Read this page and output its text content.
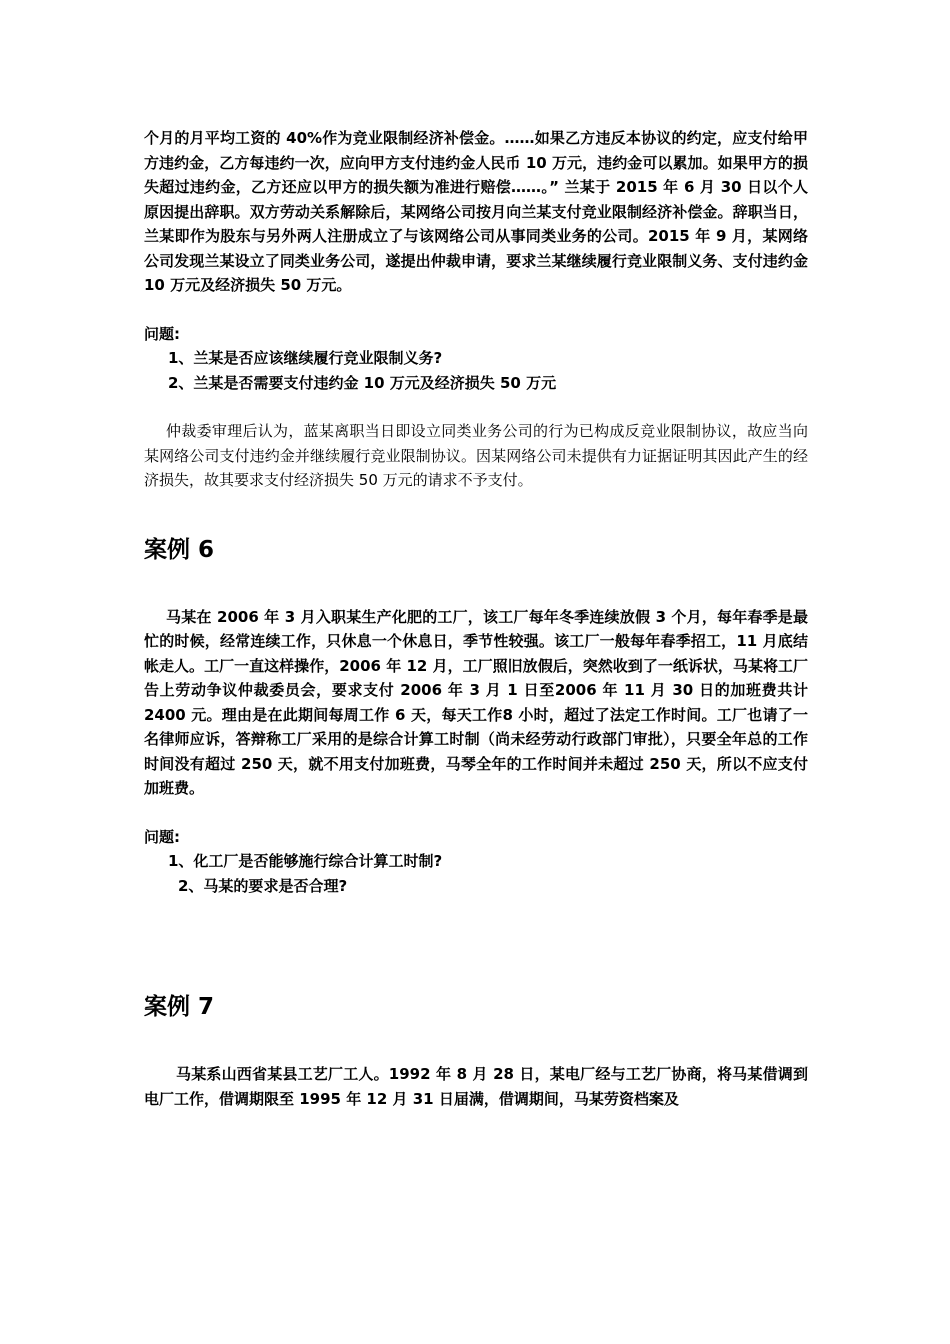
个月的月平均工资的 40%作为竞业限制经济补偿金。……如果乙方违反本协议的约定，应支付给甲方违约金，乙方每违约一次，应向甲方支付违约金人民币 10 万元，违约金可以累加。如果甲方的损失超过违约金，乙方还应以甲方的损失额为准进行赔偿……。” 兰某于 2015 年 6 月 30 日以个人原因提出辞职。双方劳动关系解除后，某网络公司按月向兰某支付竞业限制经济补偿金。辞职当日，兰某即作为股东与另外两人注册成立了与该网络公司从事同类业务的公司。2015 年 9 月，某网络公司发现兰某设立了同类业务公司，遂提出仲裁申请，要求兰某继续履行竞业限制义务、支付违约金 10 万元及经济损失 50 万元。

问题:

1、兰某是否应该继续履行竞业限制义务?
2、兰某是否需要支付违约金 10 万元及经济损失 50 万元

仲裁委审理后认为，蓝某离职当日即设立同类业务公司的行为已构成反竞业限制协议，故应当向某网络公司支付违约金并继续履行竞业限制协议。因某网络公司未提供有力证据证明其因此产生的经济损失，故其要求支付经济损失 50 万元的请求不予支付。

案例 6

马某在 2006 年 3 月入职某生产化肥的工厂，该工厂每年冬季连续放假 3 个月，每年春季是最忙的时候，经常连续工作，只休息一个休息日，季节性较强。该工厂一般每年春季招工，11 月底结帐走人。工厂一直这样操作，2006 年 12 月，工厂照旧放假后，突然收到了一纸诉状，马某将工厂告上劳动争议仲裁委员会，要求支付 2006 年 3 月 1 日至2006 年 11 月 30 日的加班费共计 2400 元。理由是在此期间每周工作 6 天，每天工作8 小时，超过了法定工作时间。工厂也请了一名律师应诉，答辩称工厂采用的是综合计算工时制（尚未经劳动行政部门审批），只要全年总的工作时间没有超过 250 天，就不用支付加班费，马琴全年的工作时间并未超过 250 天，所以不应支付加班费。

问题:

1、化工厂是否能够施行综合计算工时制?
2、马某的要求是否合理?
案例 7

马某系山西省某县工艺厂工人。1992 年 8 月 28 日，某电厂经与工艺厂协商，将马某借调到电厂工作，借调期限至 1995 年 12 月 31 日届满，借调期间，马某劳资档案及
